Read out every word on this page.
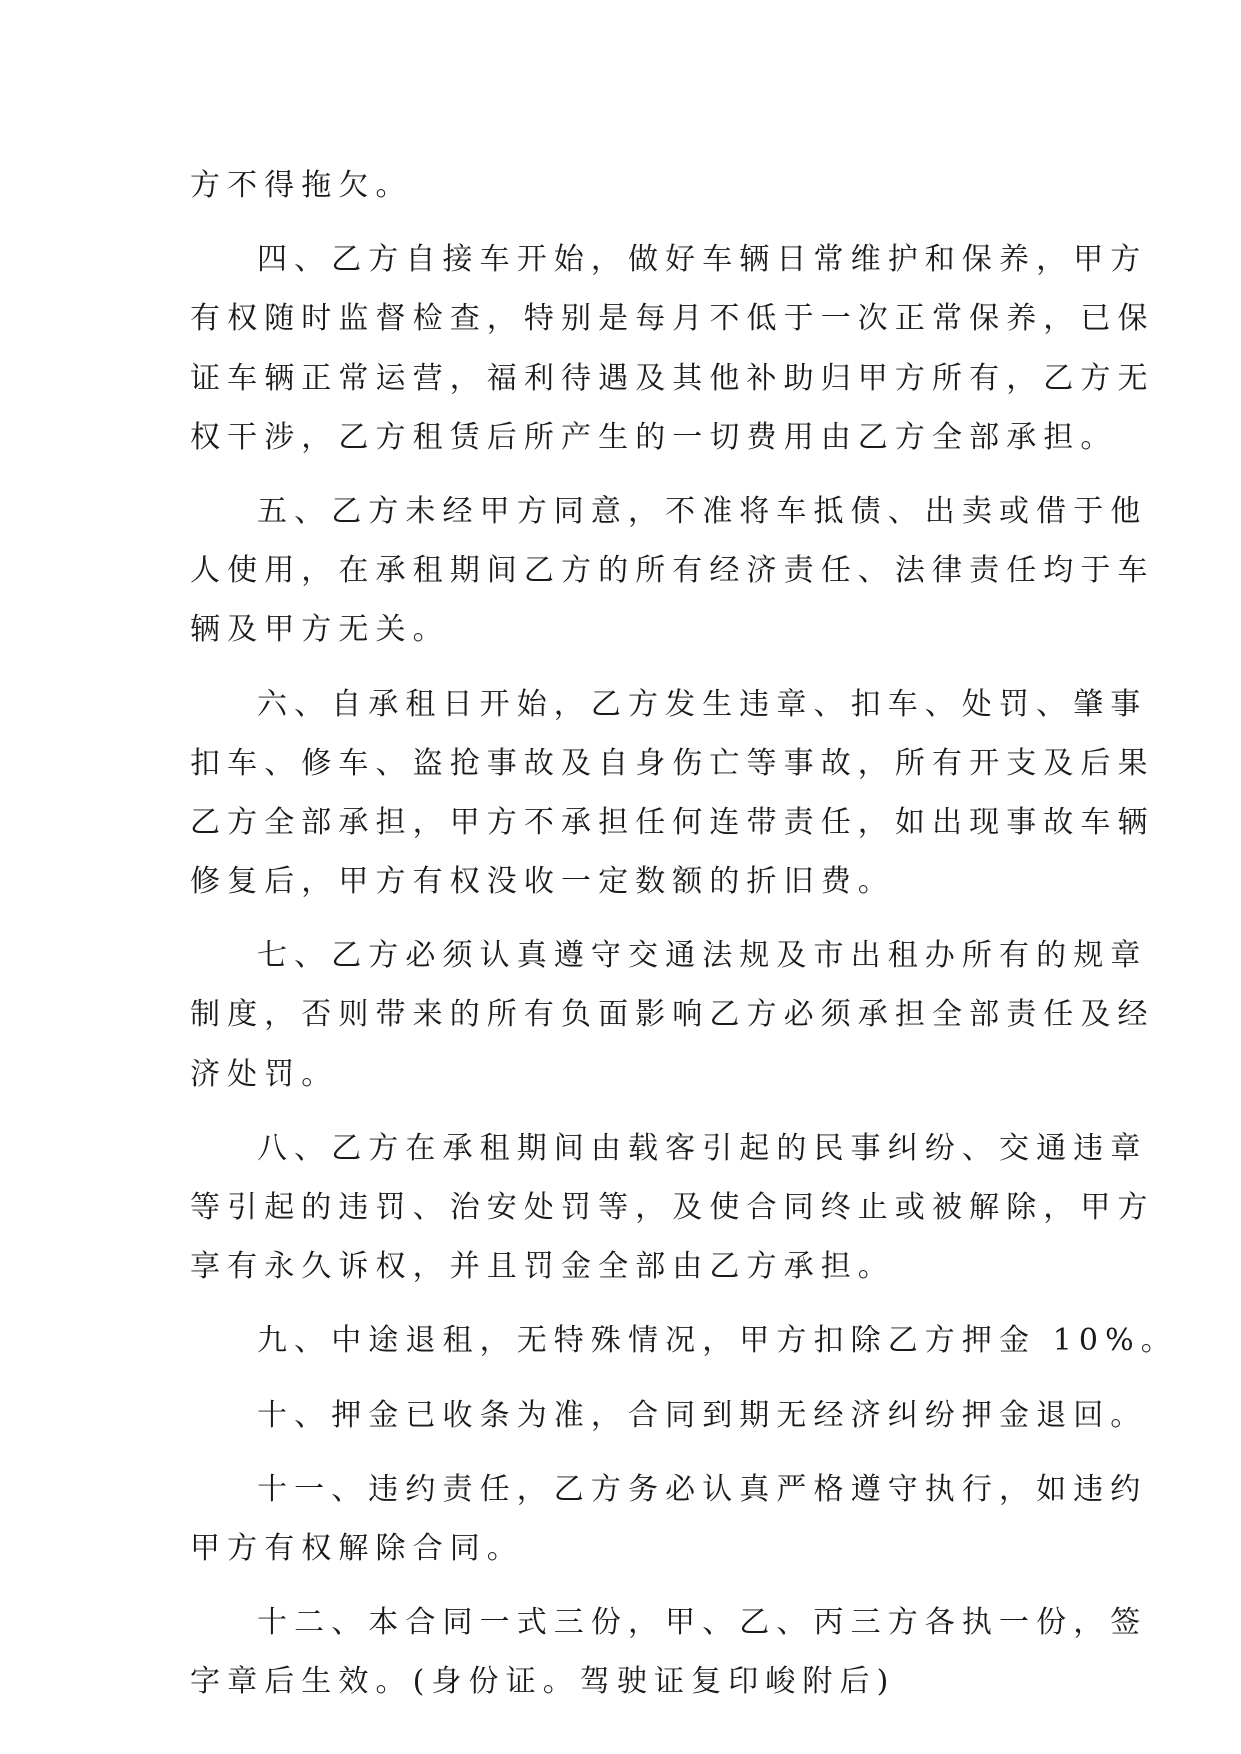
方不得拖欠。
四、乙方自接车开始，做好车辆日常维护和保养，甲方
有权随时监督检查，特别是每月不低于一次正常保养，已保
证车辆正常运营，福利待遇及其他补助归甲方所有，乙方无
权干涉，乙方租赁后所产生的一切费用由乙方全部承担。
五、乙方未经甲方同意，不准将车抵债、出卖或借于他
人使用，在承租期间乙方的所有经济责任、法律责任均于车
辆及甲方无关。
六、自承租日开始，乙方发生违章、扣车、处罚、肇事
扣车、修车、盗抢事故及自身伤亡等事故，所有开支及后果
乙方全部承担，甲方不承担任何连带责任，如出现事故车辆
修复后，甲方有权没收一定数额的折旧费。
七、乙方必须认真遵守交通法规及市出租办所有的规章
制度，否则带来的所有负面影响乙方必须承担全部责任及经
济处罚。
八、乙方在承租期间由载客引起的民事纠纷、交通违章
等引起的违罚、治安处罚等，及使合同终止或被解除，甲方
享有永久诉权，并且罚金全部由乙方承担。
九、中途退租，无特殊情况，甲方扣除乙方押金 10%。
十、押金已收条为准，合同到期无经济纠纷押金退回。
十一、违约责任，乙方务必认真严格遵守执行，如违约
甲方有权解除合同。
十二、本合同一式三份，甲、乙、丙三方各执一份，签
字章后生效。(身份证。驾驶证复印峻附后)
